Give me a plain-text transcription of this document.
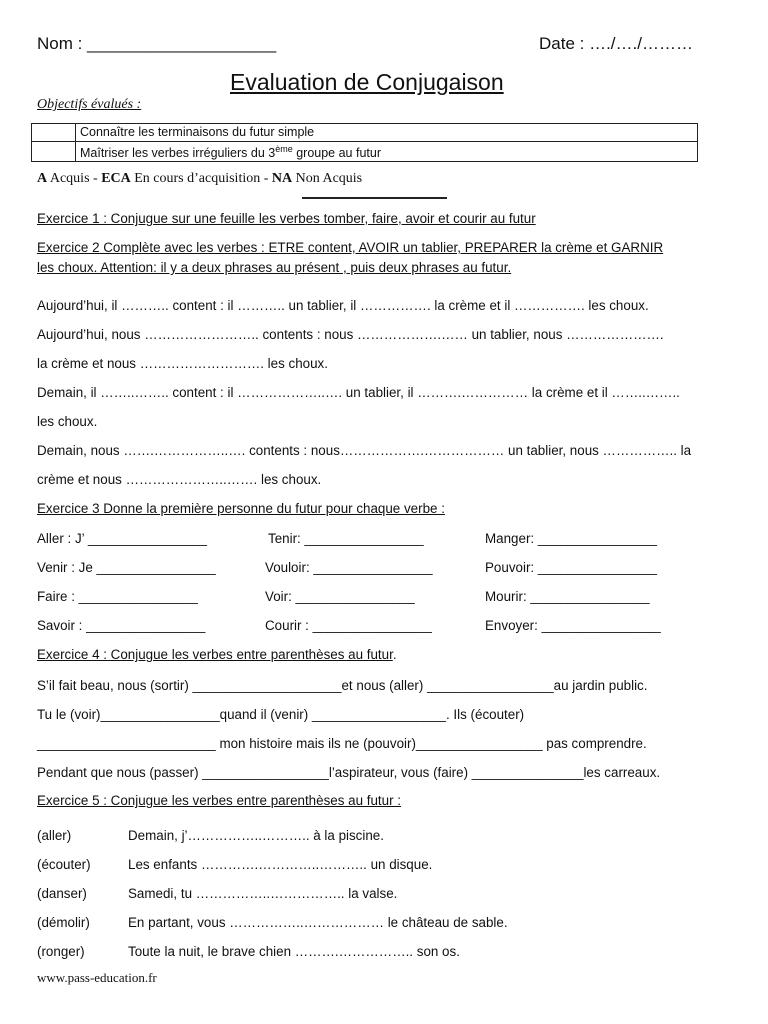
Nom : ____________________	Date : …./…./………
Evaluation de Conjugaison
Objectifs évalués :
	Connaître les terminaisons du futur simple
	Maîtriser les verbes irréguliers du 3ème groupe au futur
A Acquis - ECA En cours d’acquisition - NA Non Acquis
Exercice 1 : Conjugue sur une feuille les verbes tomber, faire, avoir et courir au futur
Exercice 2 Complète avec les verbes : ETRE content, AVOIR un tablier, PREPARER la crème et GARNIR
les choux. Attention: il y a deux phrases au présent , puis deux phrases au futur.
Aujourd’hui, il ……….. content : il ……….. un tablier, il ……………. la crème et il ……………. les choux.
Aujourd’hui, nous …………………….. contents : nous ……………….…… un tablier, nous ………………….
la crème et nous ………………………. les choux.
Demain, il ……..…….. content : il ………………..…. un tablier, il ……….…………… la crème et il ……..……..
les choux.
Demain, nous …….……………..…. contents : nous……………….……………… un tablier, nous …………….. la
crème et nous …………………..……. les choux.
Exercice 3 Donne la première personne du futur pour chaque verbe :
Aller : J’ ________________	Tenir: ________________	Manger: ________________
Venir : Je ________________	Vouloir: ________________	Pouvoir: ________________
Faire : ________________	Voir: ________________	Mourir: ________________
Savoir : ________________	Courir : ________________	Envoyer: ________________
Exercice 4 : Conjugue les verbes entre parenthèses au futur.
S’il fait beau, nous (sortir) ____________________et nous (aller) _________________au jardin public.
Tu le (voir)________________quand il (venir) __________________. Ils (écouter)
________________________ mon histoire mais ils ne (pouvoir)_________________ pas comprendre.
Pendant que nous (passer) _________________l’aspirateur, vous (faire) _______________les carreaux.
Exercice 5 : Conjugue les verbes entre parenthèses au futur :
(aller)	Demain, j’……………..……….. à la piscine.
(écouter)	Les enfants ………….…………..……….. un disque.
(danser)	Samedi, tu ……………..…………….. la valse.
(démolir)	En partant, vous ……………..……………… le château de sable.
(ronger)	Toute la nuit, le brave chien ……….…………….. son os.
www.pass-education.fr
